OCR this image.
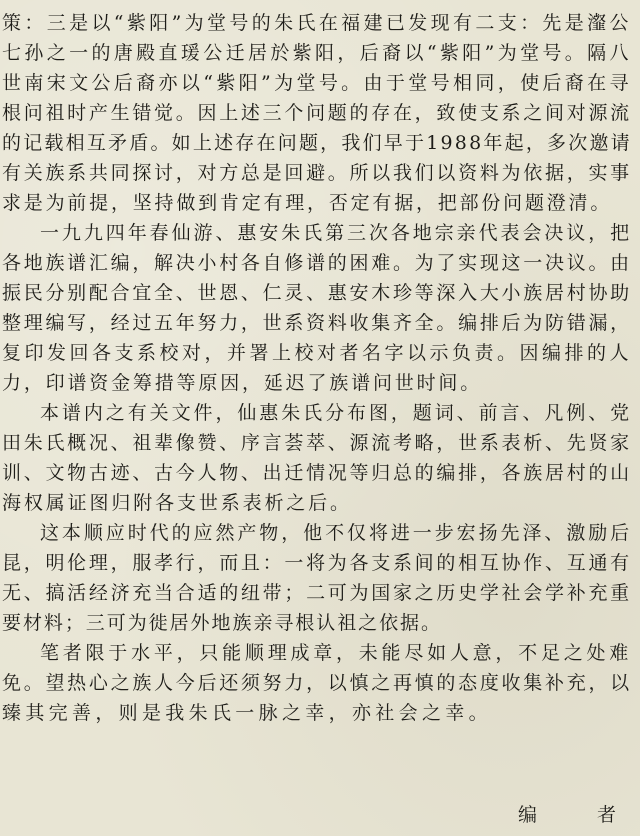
策：三是以“紫阳”为堂号的朱氏在福建已发现有二支：先是瀣公
七孙之一的唐殿直瑗公迁居於紫阳，后裔以“紫阳”为堂号。隔八
世南宋文公后裔亦以“紫阳”为堂号。由于堂号相同，使后裔在寻
根问祖时产生错觉。因上述三个问题的存在，致使支系之间对源流
的记载相互矛盾。如上述存在问题，我们早于1988年起，多次邀请
有关族系共同探讨，对方总是回避。所以我们以资料为依据，实事
求是为前提，坚持做到肯定有理，否定有据，把部份问题澄清。
一九九四年春仙游、惠安朱氏第三次各地宗亲代表会决议，把
各地族谱汇编，解决小村各自修谱的困难。为了实现这一决议。由
振民分别配合宜全、世恩、仁灵、惠安木珍等深入大小族居村协助
整理编写，经过五年努力，世系资料收集齐全。编排后为防错漏，
复印发回各支系校对，并署上校对者名字以示负责。因编排的人
力，印谱资金筹措等原因，延迟了族谱问世时间。
本谱内之有关文件，仙惠朱氏分布图，题词、前言、凡例、党
田朱氏概况、祖辈像赞、序言荟萃、源流考略，世系表析、先贤家
训、文物古迹、古今人物、出迁情况等归总的编排，各族居村的山
海权属证图归附各支世系表析之后。
这本顺应时代的应然产物，他不仅将进一步宏扬先泽、激励后
昆，明伦理，服孝行，而且：一将为各支系间的相互协作、互通有
无、搞活经济充当合适的纽带；二可为国家之历史学社会学补充重
要材料；三可为徙居外地族亲寻根认祖之依据。
笔者限于水平，只能顺理成章，未能尽如人意，不足之处难
免。望热心之族人今后还须努力，以慎之再慎的态度收集补充，以
臻其完善，则是我朱氏一脉之幸，亦社会之幸。
编 者
